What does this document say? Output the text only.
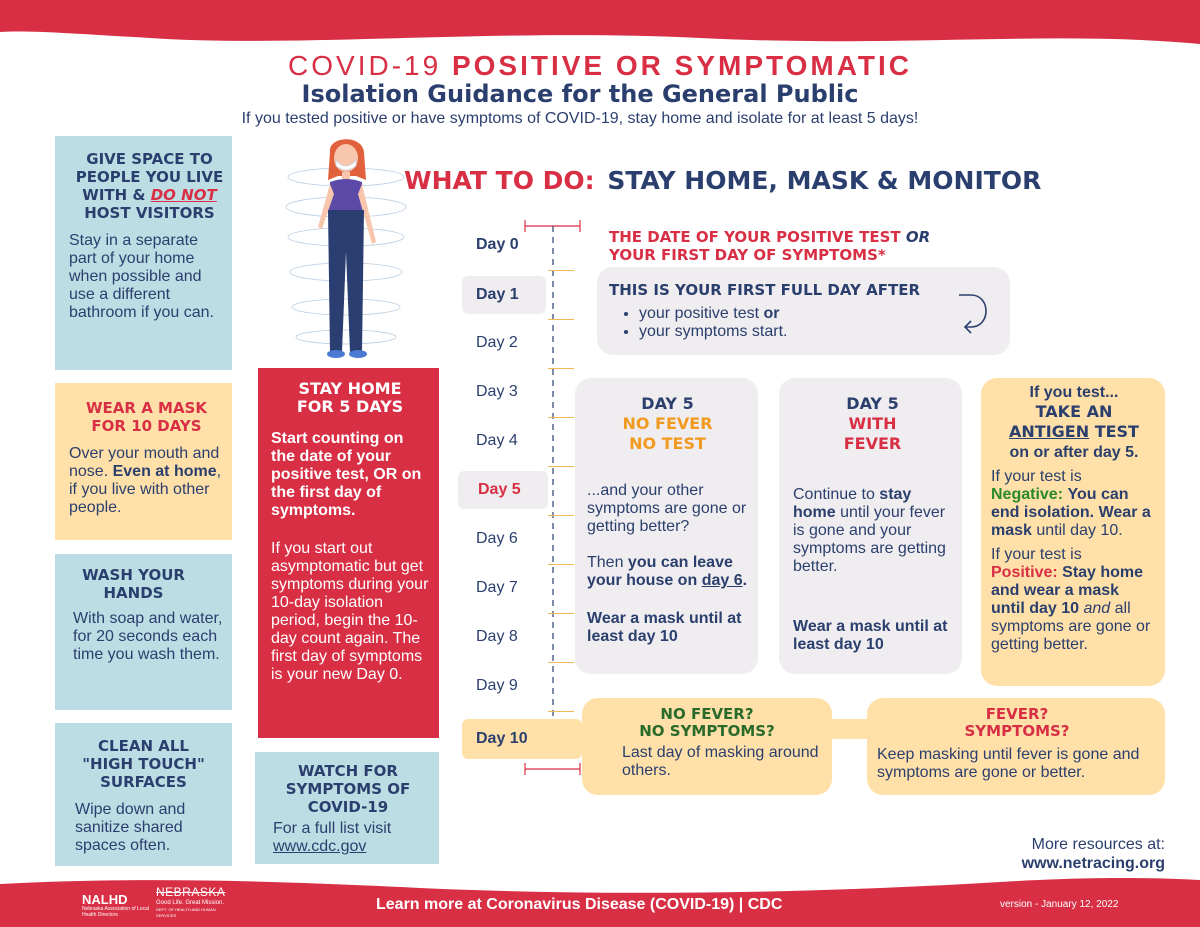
COVID-19 POSITIVE OR SYMPTOMATIC
Isolation Guidance for the General Public
If you tested positive or have symptoms of COVID-19, stay home and isolate for at least 5 days!
GIVE SPACE TO PEOPLE YOU LIVE WITH & DO NOT HOST VISITORS
Stay in a separate part of your home when possible and use a different bathroom if you can.
WEAR A MASK FOR 10 DAYS
Over your mouth and nose. Even at home, if you live with other people.
WASH YOUR HANDS
With soap and water, for 20 seconds each time you wash them.
CLEAN ALL "HIGH TOUCH" SURFACES
Wipe down and sanitize shared spaces often.
STAY HOME FOR 5 DAYS
Start counting on the date of your positive test, OR on the first day of symptoms.
If you start out asymptomatic but get symptoms during your 10-day isolation period, begin the 10-day count again. The first day of symptoms is your new Day 0.
WATCH FOR SYMPTOMS OF COVID-19
For a full list visit
www.cdc.gov
WHAT TO DO: STAY HOME, MASK & MONITOR
Day 0
Day 1
Day 2
Day 3
Day 4
Day 5
Day 6
Day 7
Day 8
Day 9
Day 10
THE DATE OF YOUR POSITIVE TEST OR
YOUR FIRST DAY OF SYMPTOMS*
THIS IS YOUR FIRST FULL DAY AFTER
• your positive test or
• your symptoms start.
DAY 5
NO FEVER
NO TEST
...and your other symptoms are gone or getting better?
Then you can leave your house on day 6.
Wear a mask until at least day 10
DAY 5
WITH
FEVER
Continue to stay home until your fever is gone and your symptoms are getting better.
Wear a mask until at least day 10
If you test...
TAKE AN
ANTIGEN TEST
on or after day 5.
If your test is
Negative: You can end isolation. Wear a mask until day 10.
If your test is
Positive: Stay home and wear a mask until day 10 and all symptoms are gone or getting better.
NO FEVER?
NO SYMPTOMS?
Last day of masking around others.
FEVER?
SYMPTOMS?
Keep masking until fever is gone and symptoms are gone or better.
More resources at:
www.netracing.org
NALHD
Nebraska Association of Local Health Directors
NEBRASKA
Good Life. Great Mission.
DEPT. OF HEALTH AND HUMAN SERVICES
Learn more at Coronavirus Disease (COVID-19) | CDC	version - January 12, 2022
